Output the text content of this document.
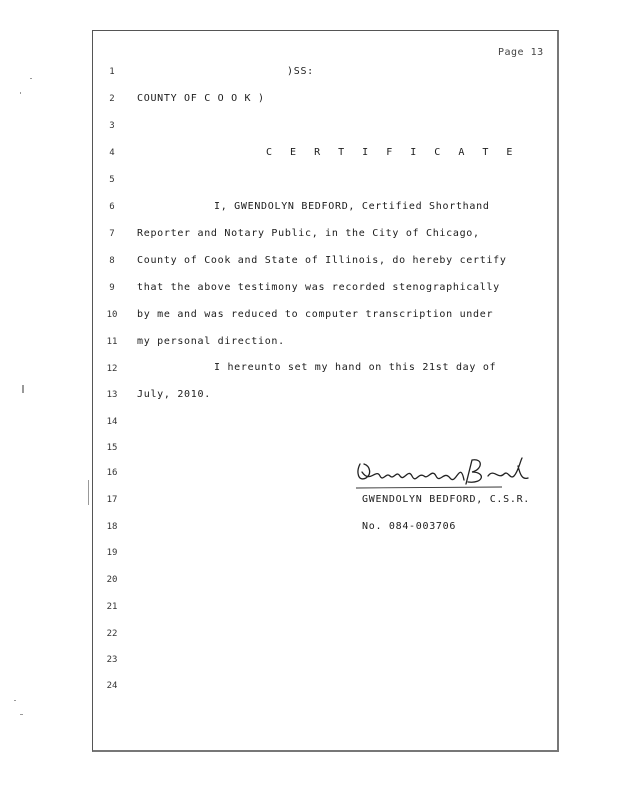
Page 13
1
2
3
4
5
6
7
8
9
10
11
12
13
14
15
16
17
18
19
20
21
22
23
24
)SS:
COUNTY OF C O O K )
C E R T I F I C A T E
I, GWENDOLYN BEDFORD, Certified Shorthand
Reporter and Notary Public, in the City of Chicago,
County of Cook and State of Illinois, do hereby certify
that the above testimony was recorded stenographically
by me and was reduced to computer transcription under
my personal direction.
I hereunto set my hand on this 21st day of
July, 2010.
GWENDOLYN BEDFORD, C.S.R.
No. 084-003706
